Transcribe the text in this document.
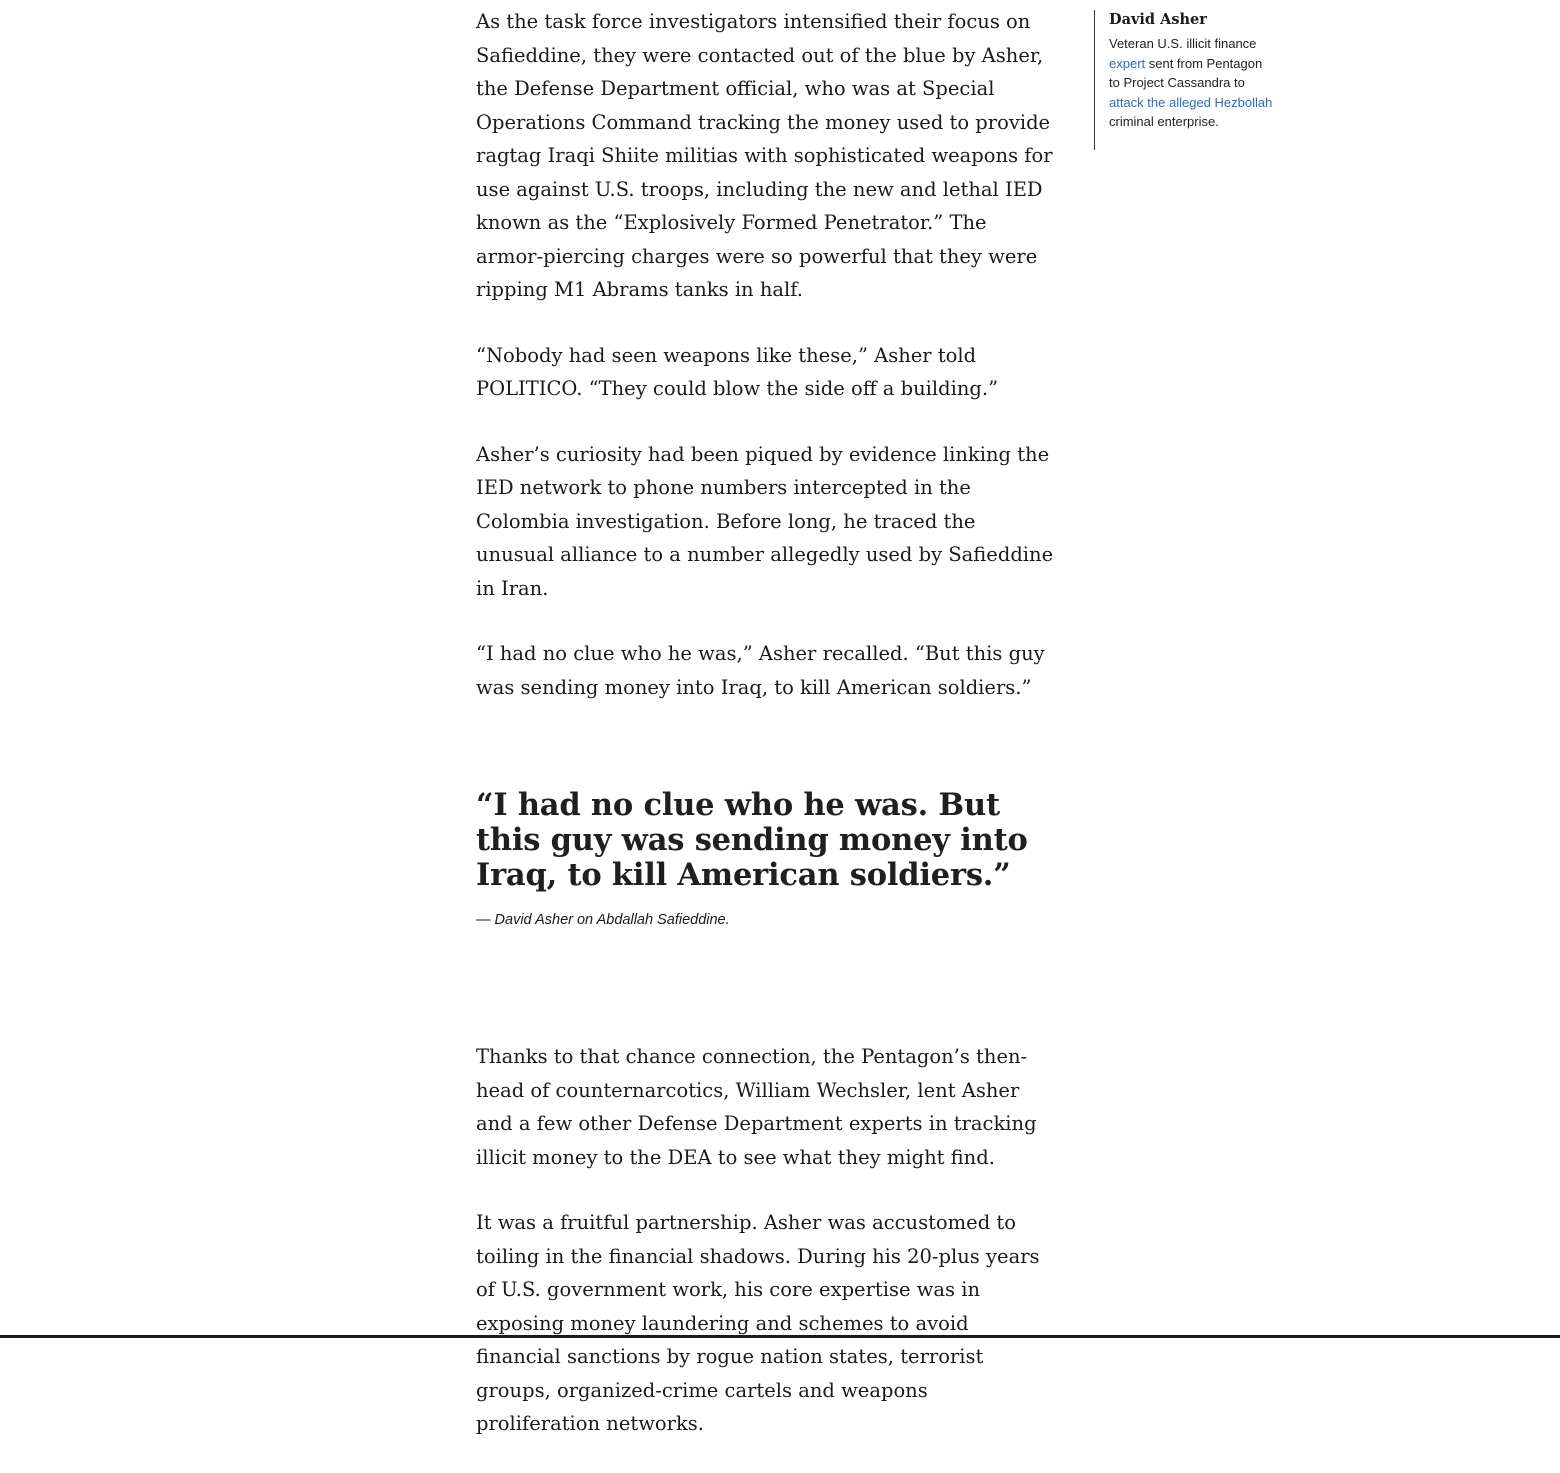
As the task force investigators intensified their focus on Safieddine, they were contacted out of the blue by Asher, the Defense Department official, who was at Special Operations Command tracking the money used to provide ragtag Iraqi Shiite militias with sophisticated weapons for use against U.S. troops, including the new and lethal IED known as the “Explosively Formed Penetrator.” The armor-piercing charges were so powerful that they were ripping M1 Abrams tanks in half.

“Nobody had seen weapons like these,” Asher told POLITICO. “They could blow the side off a building.”

Asher’s curiosity had been piqued by evidence linking the IED network to phone numbers intercepted in the Colombia investigation. Before long, he traced the unusual alliance to a number allegedly used by Safieddine in Iran.

“I had no clue who he was,” Asher recalled. “But this guy was sending money into Iraq, to kill American soldiers.”

“I had no clue who he was. But this guy was sending money into Iraq, to kill American soldiers.”

— David Asher on Abdallah Safieddine.

Thanks to that chance connection, the Pentagon’s then-head of counternarcotics, William Wechsler, lent Asher and a few other Defense Department experts in tracking illicit money to the DEA to see what they might find.

It was a fruitful partnership. Asher was accustomed to toiling in the financial shadows. During his 20-plus years of U.S. government work, his core expertise was in exposing money laundering and schemes to avoid financial sanctions by rogue nation states, terrorist groups, organized-crime cartels and weapons proliferation networks.

David Asher
Veteran U.S. illicit finance expert sent from Pentagon to Project Cassandra to attack the alleged Hezbollah criminal enterprise.
